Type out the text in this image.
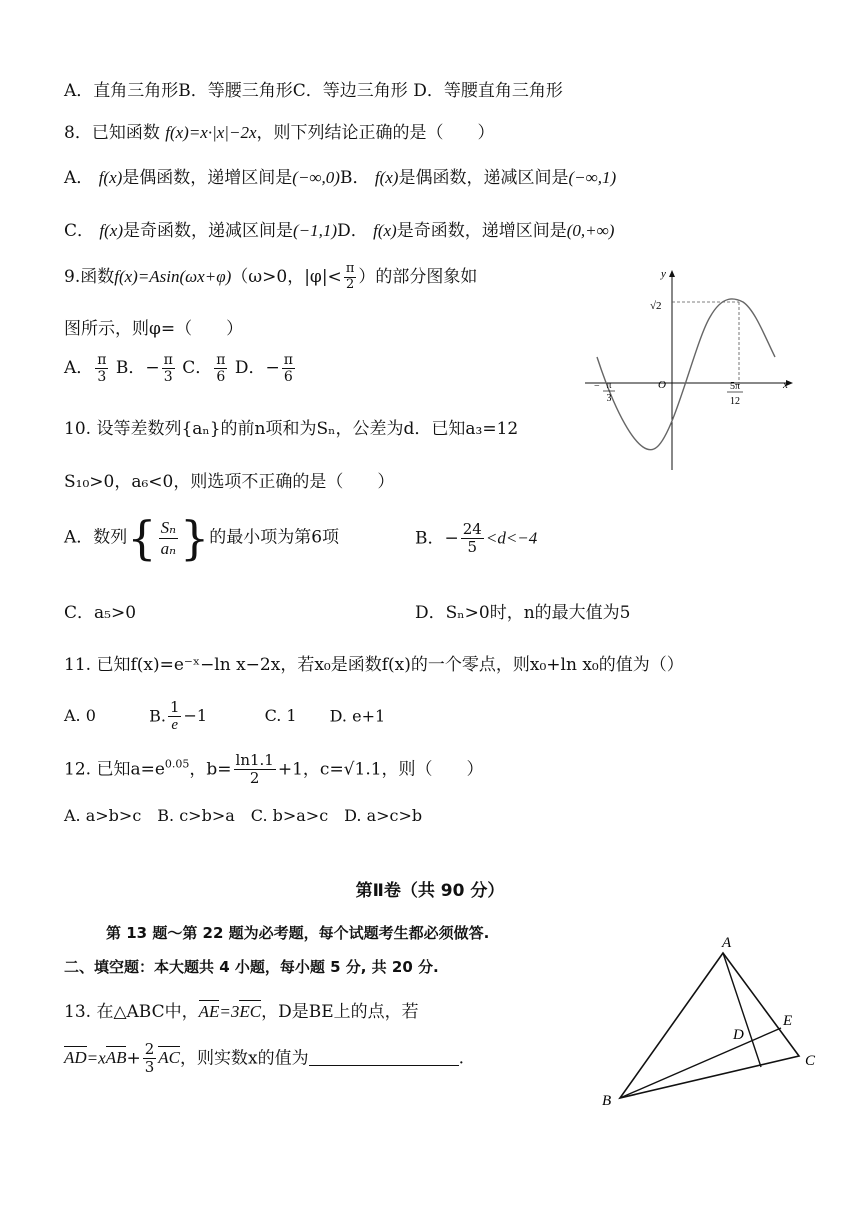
A．直角三角形B．等腰三角形C．等边三角形 D．等腰直角三角形
8．已知函数 f(x)=x·|x|−2x，则下列结论正确的是（　　）
A． f(x)是偶函数，递增区间是(−∞,0)B． f(x)是偶函数，递减区间是(−∞,1)
C． f(x)是奇函数，递减区间是(−1,1)D． f(x)是奇函数，递增区间是(0,+∞)
9.函数f(x)=Asin(ωx+φ)（ω>0，$|\varphi|< \frac{\pi}{2}$ ）的部分图象如
图所示，则φ=（　　）
A． $\frac{\pi}{3}$ B．− $\frac{\pi}{3}$ C． $\frac{\pi}{6}$ D．− $\frac{\pi}{6}$
y
x
O
√2
− π
3
5π
12
10. 设等差数列{aₙ}的前n项和为Sₙ，公差为d．已知a₃=12
S₁₀>0，a₆<0，则选项不正确的是（　　）
A．数列{ $\frac{\text{Sₙ}}{\text{aₙ}}$ }的最小项为第6项	B．− $\frac{24}{5} <d<-4$
C．a₅>0	D．Sₙ>0时，n的最大值为5
11. 已知f(x)=e⁻ˣ−ln x−2x，若x₀是函数f(x)的一个零点，则x₀+ln x₀的值为（）
A. 0	B. $\frac{1}{e} -1$	C. 1 D. e+1
12. 已知$a=e^{0.05}$，$b= \frac{\ln 1.1}{2} +1$，c=√1.1，则（　　）
A. a>b>c　B. c>b>a　C. b>a>c　D. a>c>b
第Ⅱ卷（共 90 分）
第 13 题～第 22 题为必考题，每个试题考生都必须做答.
二、填空题：本大题共 4 小题，每小题 5 分, 共 20 分.
13. 在△ABC中，AE=3EC，D是BE上的点，若
$AD=xAB+ \frac{2}{3}$ AC，则实数x的值为	.
A
B
C
D
E
